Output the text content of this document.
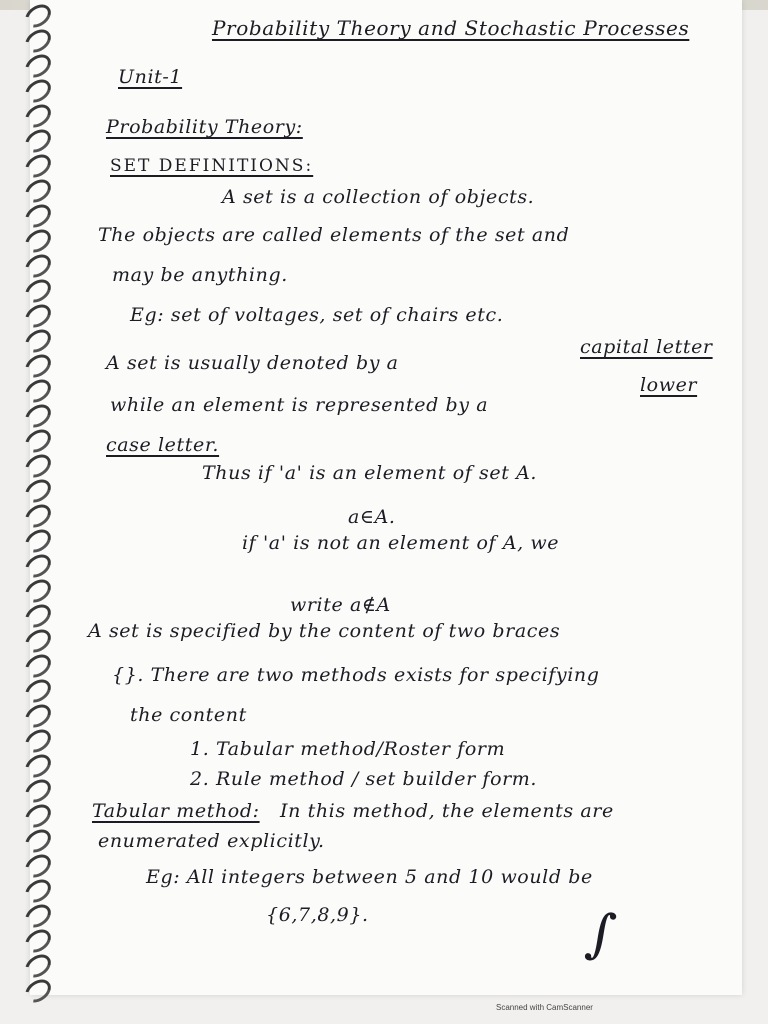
Probability Theory and Stochastic Processes
Unit-1
Probability Theory:
SET DEFINITIONS:
A set is a collection of objects.
The objects are called elements of the set and
may be anything.
Eg: set of voltages, set of chairs etc.
A set is usually denoted by a
capital letter
while an element is represented by a
lower
case letter.
Thus if 'a' is an element of set A.
a∈A.
if 'a' is not an element of A, we
write a∉A
A set is specified by the content of two braces
{}. There are two methods exists for specifying
the content
1. Tabular method/Roster form
2. Rule method / set builder form.
Tabular method: In this method, the elements are
enumerated explicitly.
Eg: All integers between 5 and 10 would be
{6,7,8,9}.	∫
Scanned with CamScanner
